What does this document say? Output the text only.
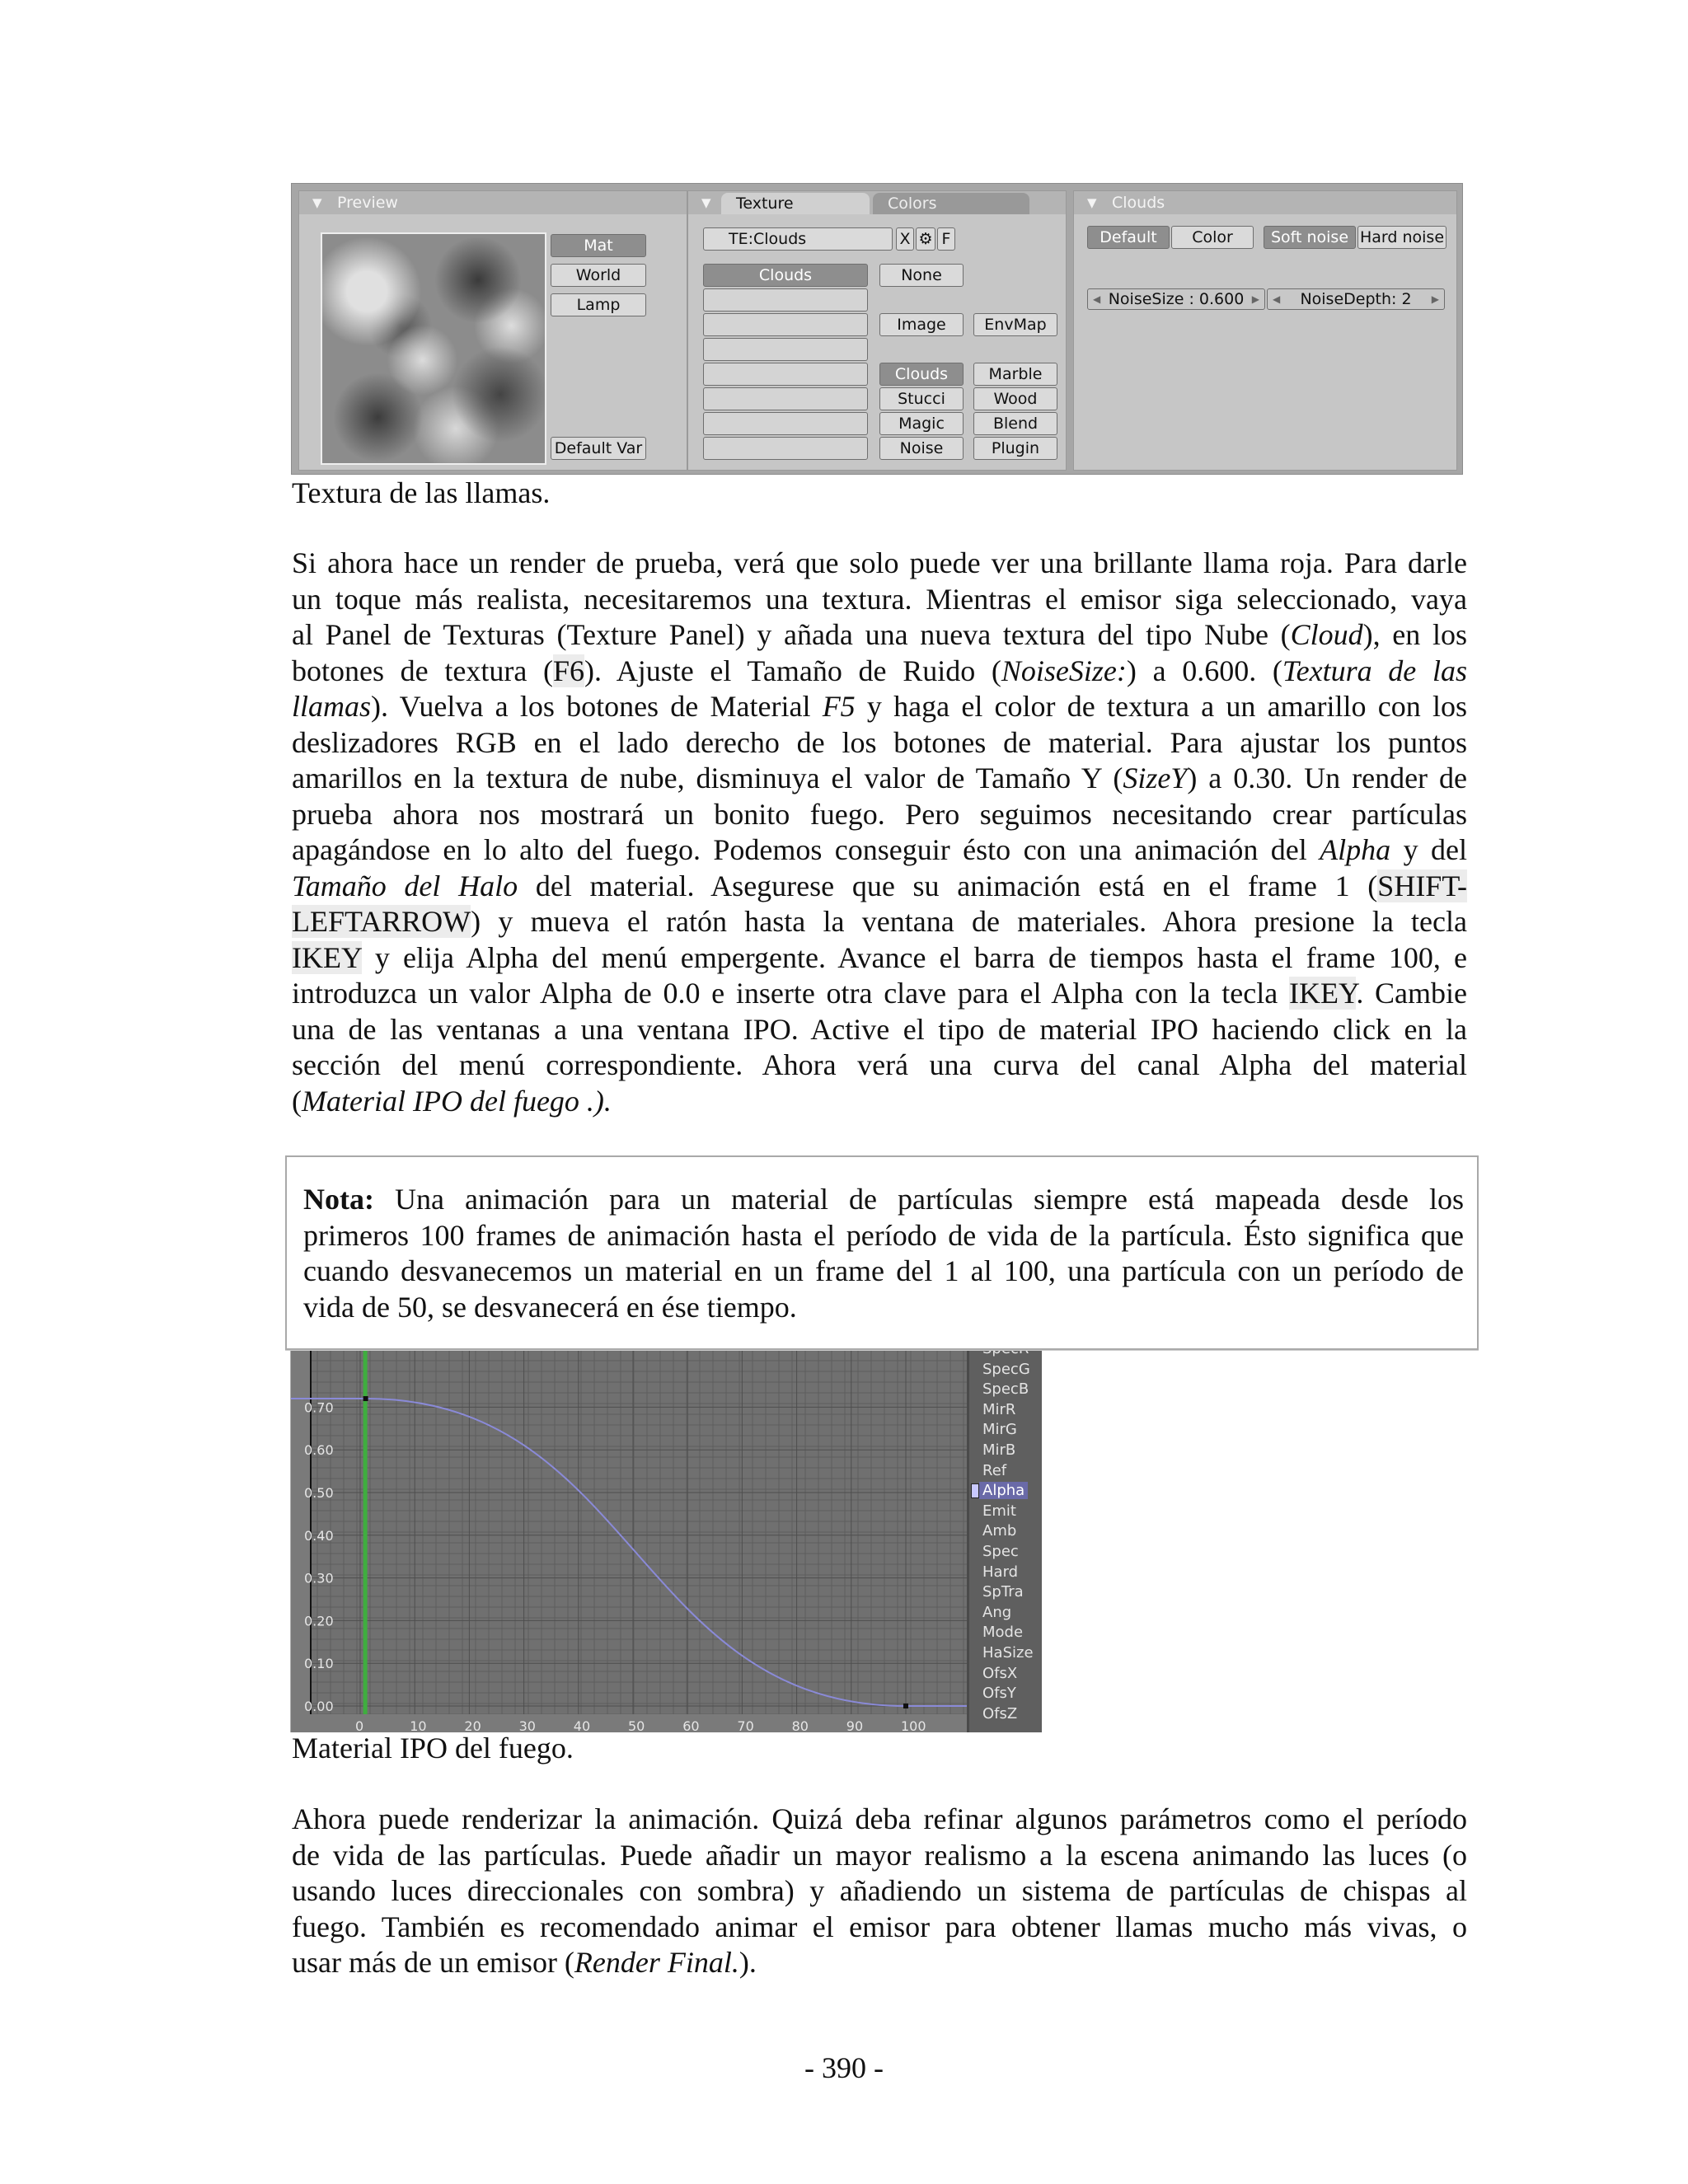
▼ Preview
Mat
World
Lamp
Default Var
▼	Texture	Colors
TE:Clouds	X ⚙ F
Clouds	None
Image	EnvMap
Clouds	Marble
Stucci	Wood
Magic	Blend
Noise	Plugin
▼ Clouds
Default	Color	Soft noise Hard noise
◀ NoiseSize : 0.600 ▶ ◀ NoiseDepth: 2 ▶
Textura de las llamas.
Si ahora hace un render de prueba, verá que solo puede ver una brillante llama roja. Para darle
un toque más realista, necesitaremos una textura. Mientras el emisor siga seleccionado, vaya
al Panel de Texturas (Texture Panel) y añada una nueva textura del tipo Nube (Cloud), en los
botones de textura (F6). Ajuste el Tamaño de Ruido (NoiseSize:) a 0.600. (Textura de las
llamas). Vuelva a los botones de Material F5 y haga el color de textura a un amarillo con los
deslizadores RGB en el lado derecho de los botones de material. Para ajustar los puntos
amarillos en la textura de nube, disminuya el valor de Tamaño Y (SizeY) a 0.30. Un render de
prueba ahora nos mostrará un bonito fuego. Pero seguimos necesitando crear partículas
apagándose en lo alto del fuego. Podemos conseguir ésto con una animación del Alpha y del
Tamaño del Halo del material. Asegurese que su animación está en el frame 1 (SHIFT-
LEFTARROW) y mueva el ratón hasta la ventana de materiales. Ahora presione la tecla
IKEY y elija Alpha del menú empergente. Avance el barra de tiempos hasta el frame 100, e
introduzca un valor Alpha de 0.0 e inserte otra clave para el Alpha con la tecla IKEY. Cambie
una de las ventanas a una ventana IPO. Active el tipo de material IPO haciendo click en la
sección del menú correspondiente. Ahora verá una curva del canal Alpha del material
(Material IPO del fuego .).
0.70
0.60
0.50
0.40
0.30
0.20
0.10
0.00
0	10	20	30	40	50	60	70	80	90	100
SpecG
SpecB
MirR
MirG
MirB
Ref
Alpha
Emit
Amb
Spec
Hard
SpTra
Ang
Mode
HaSize
OfsX
OfsY
OfsZ
Nota: Una animación para un material de partículas siempre está mapeada desde los
primeros 100 frames de animación hasta el período de vida de la partícula. Ésto significa que
cuando desvanecemos un material en un frame del 1 al 100, una partícula con un período de
vida de 50, se desvanecerá en ése tiempo.
Material IPO del fuego.
Ahora puede renderizar la animación. Quizá deba refinar algunos parámetros como el período
de vida de las partículas. Puede añadir un mayor realismo a la escena animando las luces (o
usando luces direccionales con sombra) y añadiendo un sistema de partículas de chispas al
fuego. También es recomendado animar el emisor para obtener llamas mucho más vivas, o
usar más de un emisor (Render Final.).
- 390 -
